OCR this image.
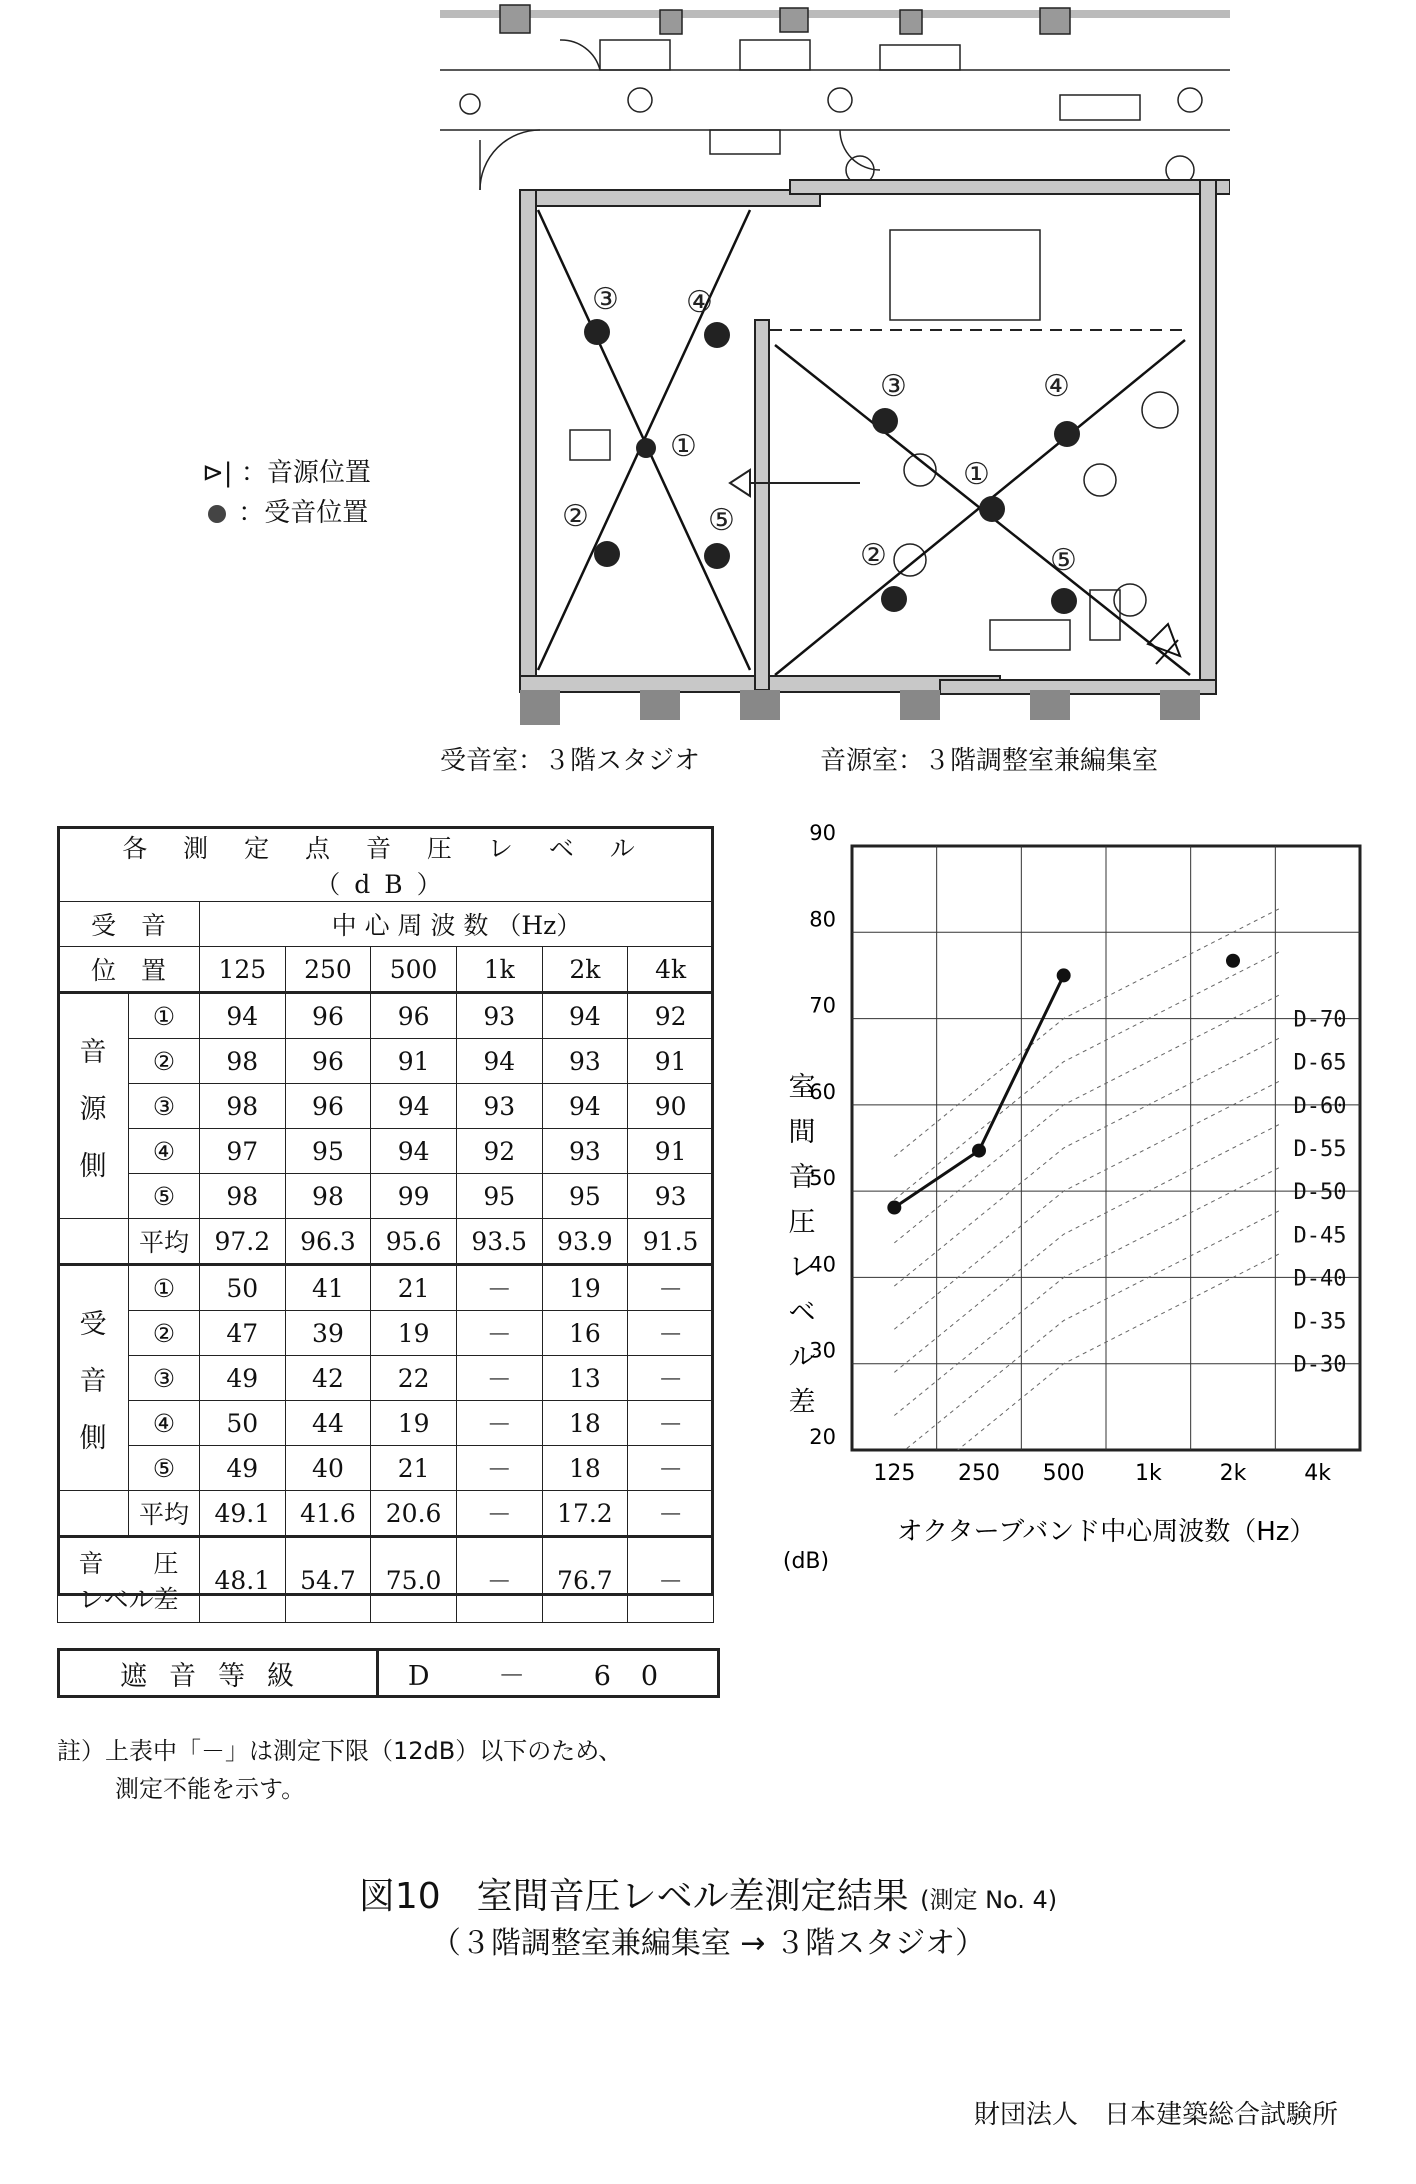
③ ④
①
②	⑤
③	④
①
②	⑤
⊳| ：音源位置
：受音位置
受音室：３階スタジオ	音源室：３階調整室兼編集室
各 測 定 点 音 圧 レ ベ ル　（dB）							
受　音		中 心 周 波 数 （Hz）					
位　置		125	250	500	1k	2k	4k

音
源
側	①	94	96	96	93	94	92
	②	98	96	91	94	93	91
	③	98	96	94	93	94	90
	④	97	95	94	92	93	91
	⑤	98	98	99	95	95	93
	平均	97.2	96.3	95.6	93.5	93.9	91.5

受
音
側	①	50	41	21	－	19	－
	②	47	39	19	－	16	－
	③	49	42	22	－	13	－
	④	50	44	19	－	18	－
	⑤	49	40	21	－	18	－
	平均	49.1	41.6	20.6	－	17.2	－

音　　圧
レベル差		48.1	54.7	75.0	－	76.7	－
遮音等級	D － 60
註）上表中「－」は測定下限（12dB）以下のため、
測定不能を示す。
D-70
D-65
D-60
D-55
D-50
D-45
D-40
D-35
D-30
20
30
40
50
60
70
80
90
125 250 500 1k	2k	4k
室
間
音
圧
レ
ベ
ル
差
(dB)
オクターブバンド中心周波数（Hz）
図10　室間音圧レベル差測定結果 (測定 No. 4)
（３階調整室兼編集室 → ３階スタジオ）
財団法人　日本建築総合試験所
